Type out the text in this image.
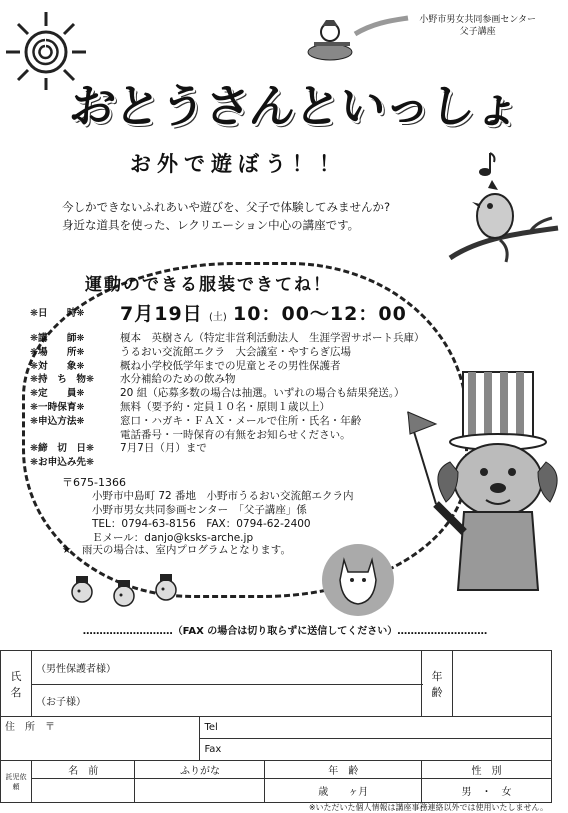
小野市男女共同参画センター
父子講座
おとうさんといっしょ
お外で遊ぼう！！
今しかできないふれあいや遊びを、父子で体験してみませんか?
身近な道具を使った、レクリエーション中心の講座です。
運動のできる服装できてね！
❋日　　時❋	7月19日 (土) 10：00〜12：00
❋講　　師❋	榎本　英樹さん（特定非営利活動法人　生涯学習サポート兵庫）
❋場　　所❋	うるおい交流館エクラ　大会議室・やすらぎ広場
❋対　　象❋	概ね小学校低学年までの児童とその男性保護者
❋持　ち　物❋	水分補給のための飲み物
❋定　　員❋	20 組（応募多数の場合は抽選。いずれの場合も結果発送。）
❋一時保育❋	無料（要予約・定員１０名・原則１歳以上）
❋申込方法❋	窓口・ハガキ・ＦＡＸ・メールで住所・氏名・年齢
電話番号・一時保育の有無をお知らせください。
❋締　切　日❋	7月7日（月）まで
❋お申込み先❋
〒675-1366
小野市中島町 72 番地　小野市うるおい交流館エクラ内
小野市男女共同参画センター　「父子講座」係
TEL：0794-63-8156　FAX：0794-62-2400
Ｅメール：danjo@ksks-arche.jp
★　雨天の場合は、室内プログラムとなります。
………………………（FAX の場合は切り取らずに送信してください）………………………
氏　名	（男性保護者様）				年　齢	
	（お子様）					
住　所　〒			Tel			
			Fax			
託児依頼	名　前	ふりがな		年　齢	性　別	
				歳　　ヶ月	男　・　女	
※いただいた個人情報は講座事務連絡以外では使用いたしません。
